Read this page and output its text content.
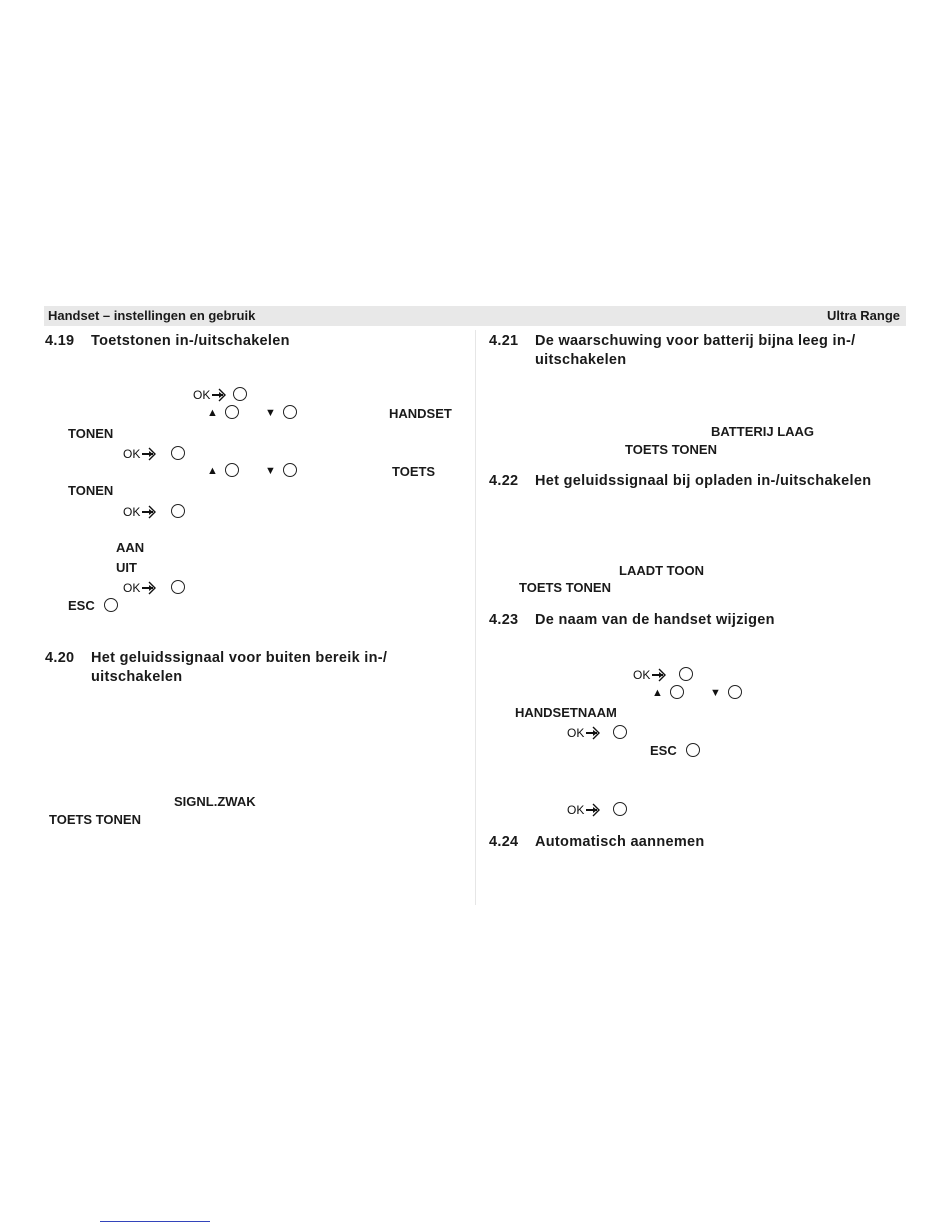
Handset – instellingen en gebruik	Ultra Range
4.19 Toetstonen in-/uitschakelen
OK
▲	▼	HANDSET
TONEN
OK
▲	▼	TOETS
TONEN
OK
AAN
UIT
OK
ESC
4.20 Het geluidssignaal voor buiten bereik in-/
uitschakelen
SIGNL.ZWAK
TOETS TONEN
4.21 De waarschuwing voor batterij bijna leeg in-/
uitschakelen
BATTERIJ LAAG
TOETS TONEN
4.22 Het geluidssignaal bij opladen in-/uitschakelen
LAADT TOON
TOETS TONEN
4.23 De naam van de handset wijzigen
OK
▲	▼
HANDSETNAAM
OK
ESC
OK
4.24 Automatisch aannemen
